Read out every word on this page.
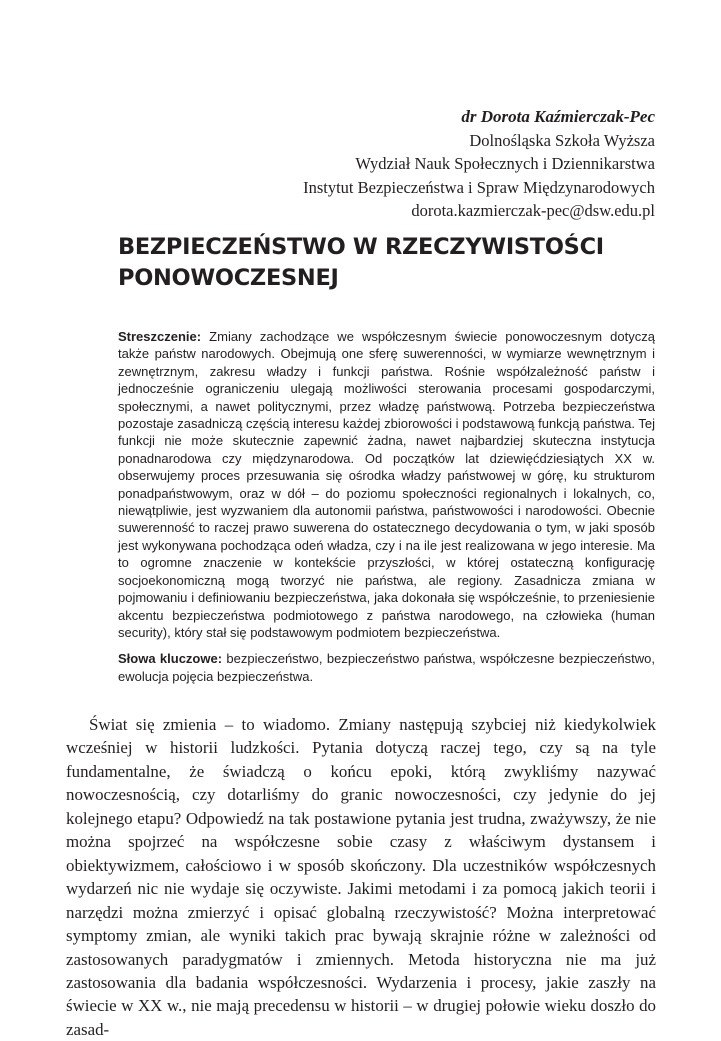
dr Dorota Kaźmierczak-Pec
Dolnośląska Szkoła Wyższa
Wydział Nauk Społecznych i Dziennikarstwa
Instytut Bezpieczeństwa i Spraw Międzynarodowych
dorota.kazmierczak-pec@dsw.edu.pl
BEZPIECZEŃSTWO W RZECZYWISTOŚCI
PONOWOCZESNEJ

Streszczenie: Zmiany zachodzące we współczesnym świecie ponowoczesnym dotyczą także państw narodowych. Obejmują one sferę suwerenności, w wymiarze wewnętrznym i zewnętrznym, zakresu władzy i funkcji państwa. Rośnie współzależność państw i jednocześnie ograniczeniu ulegają możliwości sterowania procesami gospodarczymi, społecznymi, a nawet politycznymi, przez władzę państwową. Potrzeba bezpieczeństwa pozostaje zasadniczą częścią interesu każdej zbiorowości i podstawową funkcją państwa. Tej funkcji nie może skutecznie zapewnić żadna, nawet najbardziej skuteczna instytucja ponadnarodowa czy międzynarodowa. Od początków lat dziewięćdziesiątych XX w. obserwujemy proces przesuwania się ośrodka władzy państwowej w górę, ku strukturom ponadpaństwowym, oraz w dół – do poziomu społeczności regionalnych i lokalnych, co, niewątpliwie, jest wyzwaniem dla autonomii państwa, państwowości i narodowości. Obecnie suwerenność to raczej prawo suwerena do ostatecznego decydowania o tym, w jaki sposób jest wykonywana pochodząca odeń władza, czy i na ile jest realizowana w jego interesie. Ma to ogromne znaczenie w kontekście przyszłości, w której ostateczną konfigurację socjoekonomiczną mogą tworzyć nie państwa, ale regiony. Zasadnicza zmiana w pojmowaniu i definiowaniu bezpieczeństwa, jaka dokonała się współcześnie, to przeniesienie akcentu bezpieczeństwa podmiotowego z państwa narodowego, na człowieka (human security), który stał się podstawowym podmiotem bezpieczeństwa.

Słowa kluczowe: bezpieczeństwo, bezpieczeństwo państwa, współczesne bezpieczeństwo, ewolucja pojęcia bezpieczeństwa.

Świat się zmienia – to wiadomo. Zmiany następują szybciej niż kiedykolwiek wcześniej w historii ludzkości. Pytania dotyczą raczej tego, czy są na tyle fundamentalne, że świadczą o końcu epoki, którą zwykliśmy nazywać nowoczesnością, czy dotarliśmy do granic nowoczesności, czy jedynie do jej kolejnego etapu? Odpowiedź na tak postawione pytania jest trudna, zważywszy, że nie można spojrzeć na współczesne sobie czasy z właściwym dystansem i obiektywizmem, całościowo i w sposób skończony. Dla uczestników współczesnych wydarzeń nic nie wydaje się oczywiste. Jakimi metodami i za pomocą jakich teorii i narzędzi można zmierzyć i opisać globalną rzeczywistość? Można interpretować symptomy zmian, ale wyniki takich prac bywają skrajnie różne w zależności od zastosowanych paradygmatów i zmiennych. Metoda historyczna nie ma już zastosowania dla badania współczesności. Wydarzenia i procesy, jakie zaszły na świecie w XX w., nie mają precedensu w historii – w drugiej połowie wieku doszło do zasad-
